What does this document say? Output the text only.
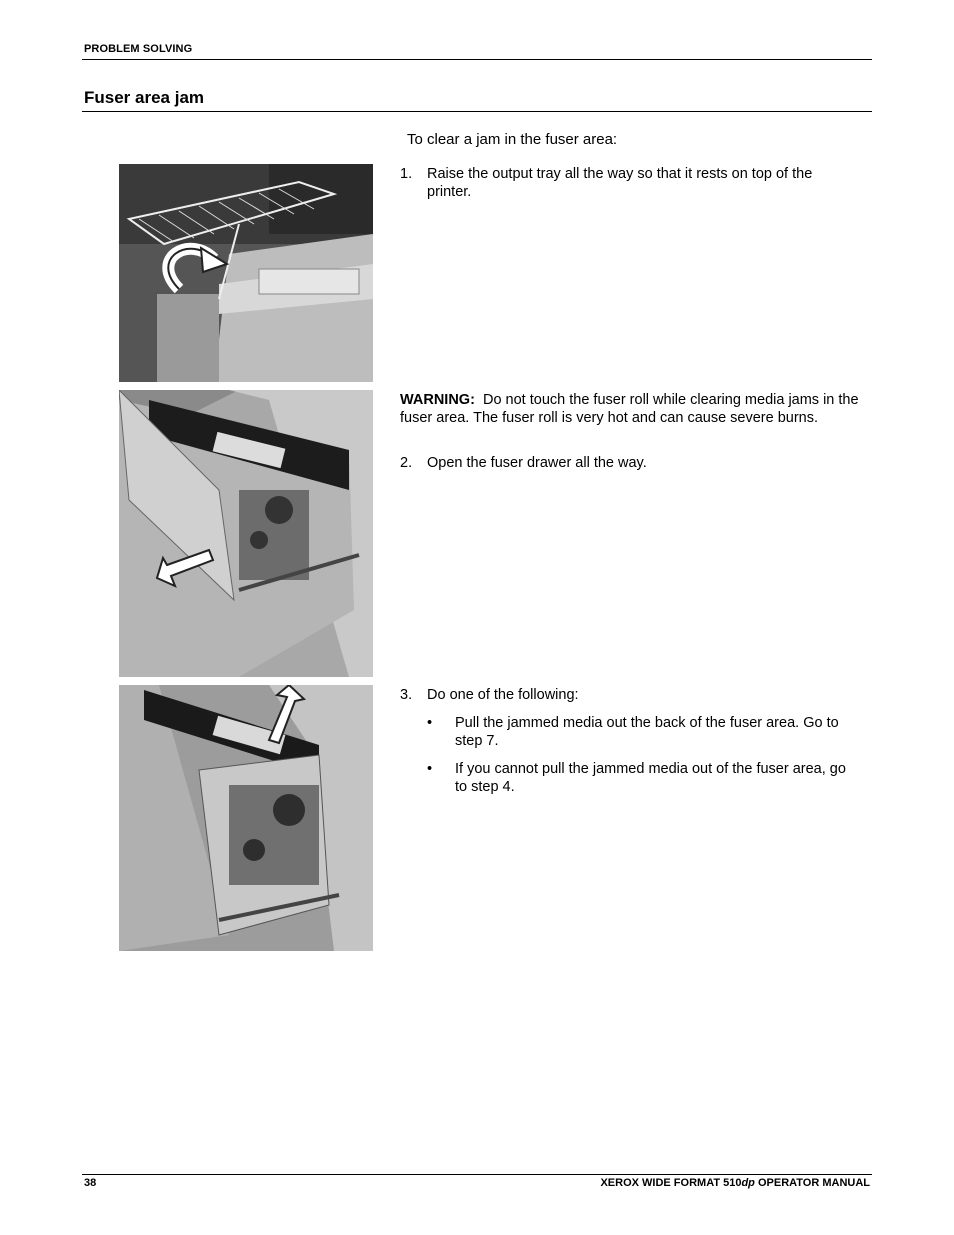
PROBLEM SOLVING
Fuser area jam
To clear a jam in the fuser area:
1. Raise the output tray all the way so that it rests on top of the printer.
WARNING: Do not touch the fuser roll while clearing media jams in the fuser area. The fuser roll is very hot and can cause severe burns.
2. Open the fuser drawer all the way.
3. Do one of the following:
• Pull the jammed media out the back of the fuser area. Go to step 7.
• If you cannot pull the jammed media out of the fuser area, go to step 4.
38	XEROX WIDE FORMAT 510dp OPERATOR MANUAL
